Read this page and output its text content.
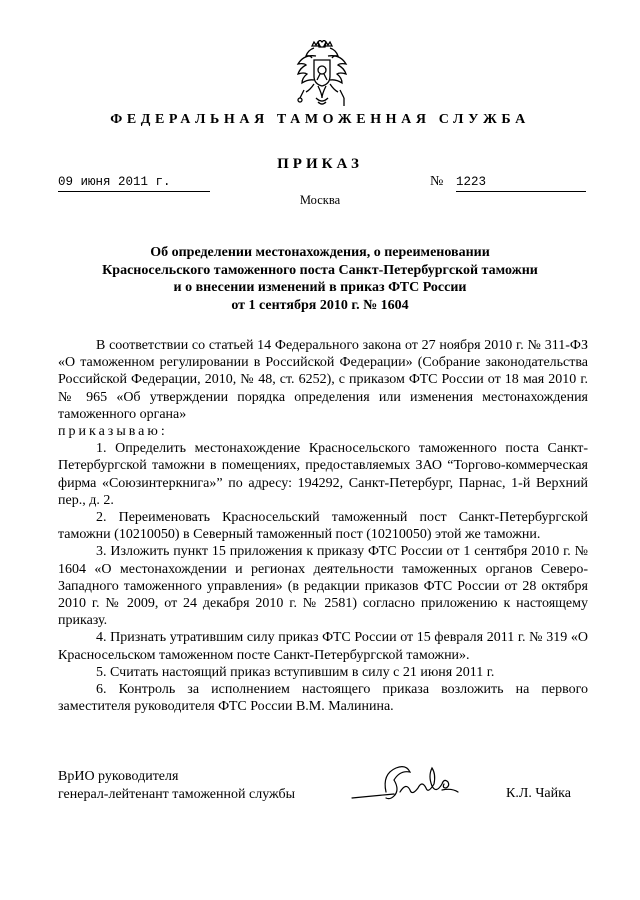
ФЕДЕРАЛЬНАЯ ТАМОЖЕННАЯ СЛУЖБА
ПРИКАЗ
09 июня 2011 г.	№ 1223
Москва
Об определении местонахождения, о переименовании
Красносельского таможенного поста Санкт-Петербургской таможни
и о внесении изменений в приказ ФТС России
от 1 сентября 2010 г. № 1604

В соответствии со статьей 14 Федерального закона от 27 ноября 2010 г. № 311-ФЗ «О таможенном регулировании в Российской Федерации» (Собрание законодательства Российской Федерации, 2010, № 48, ст. 6252), с приказом ФТС России от 18 мая 2010 г. № 965 «Об утверждении порядка определения или изменения местонахождения таможенного органа»

приказываю:

1. Определить местонахождение Красносельского таможенного поста Санкт-Петербургской таможни в помещениях, предоставляемых ЗАО “Торгово-коммерческая фирма «Союзинтеркнига»” по адресу: 194292, Санкт-Петербург, Парнас, 1-й Верхний пер., д. 2.

2. Переименовать Красносельский таможенный пост Санкт-Петербургской таможни (10210050) в Северный таможенный пост (10210050) этой же таможни.

3. Изложить пункт 15 приложения к приказу ФТС России от 1 сентября 2010 г. № 1604 «О местонахождении и регионах деятельности таможенных органов Северо-Западного таможенного управления» (в редакции приказов ФТС России от 28 октября 2010 г. № 2009, от 24 декабря 2010 г. № 2581) согласно приложению к настоящему приказу.

4. Признать утратившим силу приказ ФТС России от 15 февраля 2011 г. № 319 «О Красносельском таможенном посте Санкт-Петербургской таможни».

5. Считать настоящий приказ вступившим в силу с 21 июня 2011 г.

6. Контроль за исполнением настоящего приказа возложить на первого заместителя руководителя ФТС России В.М. Малинина.

ВрИО руководителя
генерал-лейтенант таможенной службы	К.Л. Чайка
